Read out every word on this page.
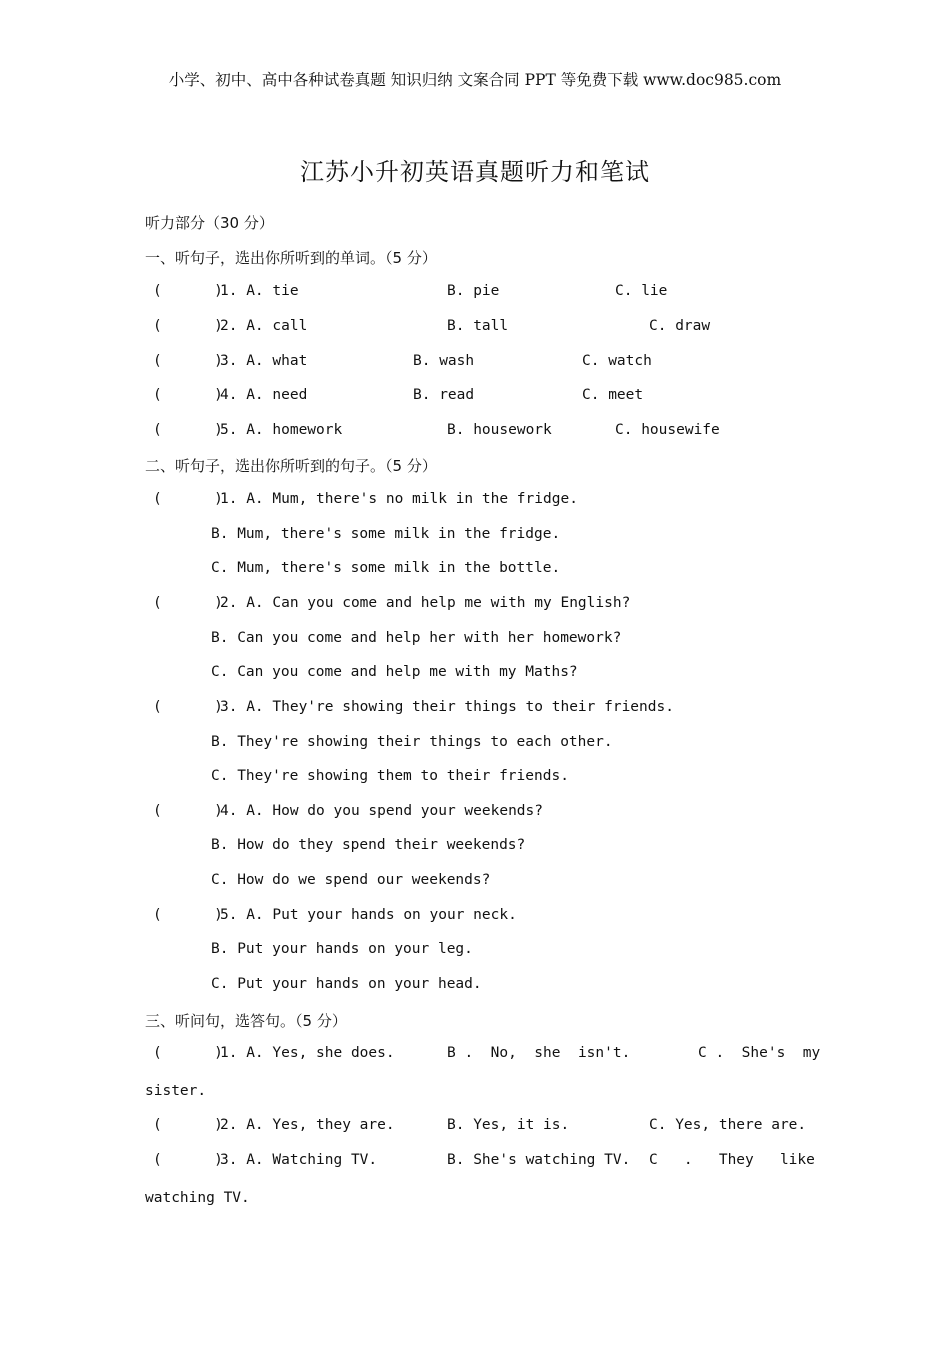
小学、初中、高中各种试卷真题 知识归纳 文案合同 PPT 等免费下载 www.doc985.com
江苏小升初英语真题听力和笔试
听力部分（30 分）
一、听句子，选出你所听到的单词。（5 分）

(      )

1. A. tie

	B. pie

	C. lie

(      )

2. A. call

	B. tall

	C. draw

(      )

3. A. what

	B. wash

	C. watch

(      )

4. A. need

	B. read

	C. meet

(      )

5. A. homework

	B. housework

	C. housewife

二、听句子，选出你所听到的句子。（5 分）

(      )

1. A. Mum, there's no milk in the fridge.

B. Mum, there's some milk in the fridge.

C. Mum, there's some milk in the bottle.

(      )

2. A. Can you come and help me with my English?

B. Can you come and help her with her homework?

C. Can you come and help me with my Maths?

(      )

3. A. They're showing their things to their friends.

B. They're showing their things to each other.

C. They're showing them to their friends.

(      )

4. A. How do you spend your weekends?

B. How do they spend their weekends?

C. How do we spend our weekends?

(      )

5. A. Put your hands on your neck.

B. Put your hands on your leg.

C. Put your hands on your head.

三、听问句，选答句。（5 分）

(      )

1. A. Yes, she does.

	B .  No,  she  isn't.

	C .  She's  my

sister.

(      )

2. A. Yes, they are.

	B. Yes, it is.

	C. Yes, there are.

(      )

3. A. Watching TV.

	B. She's watching TV.

C   .   They   like

watching TV.
